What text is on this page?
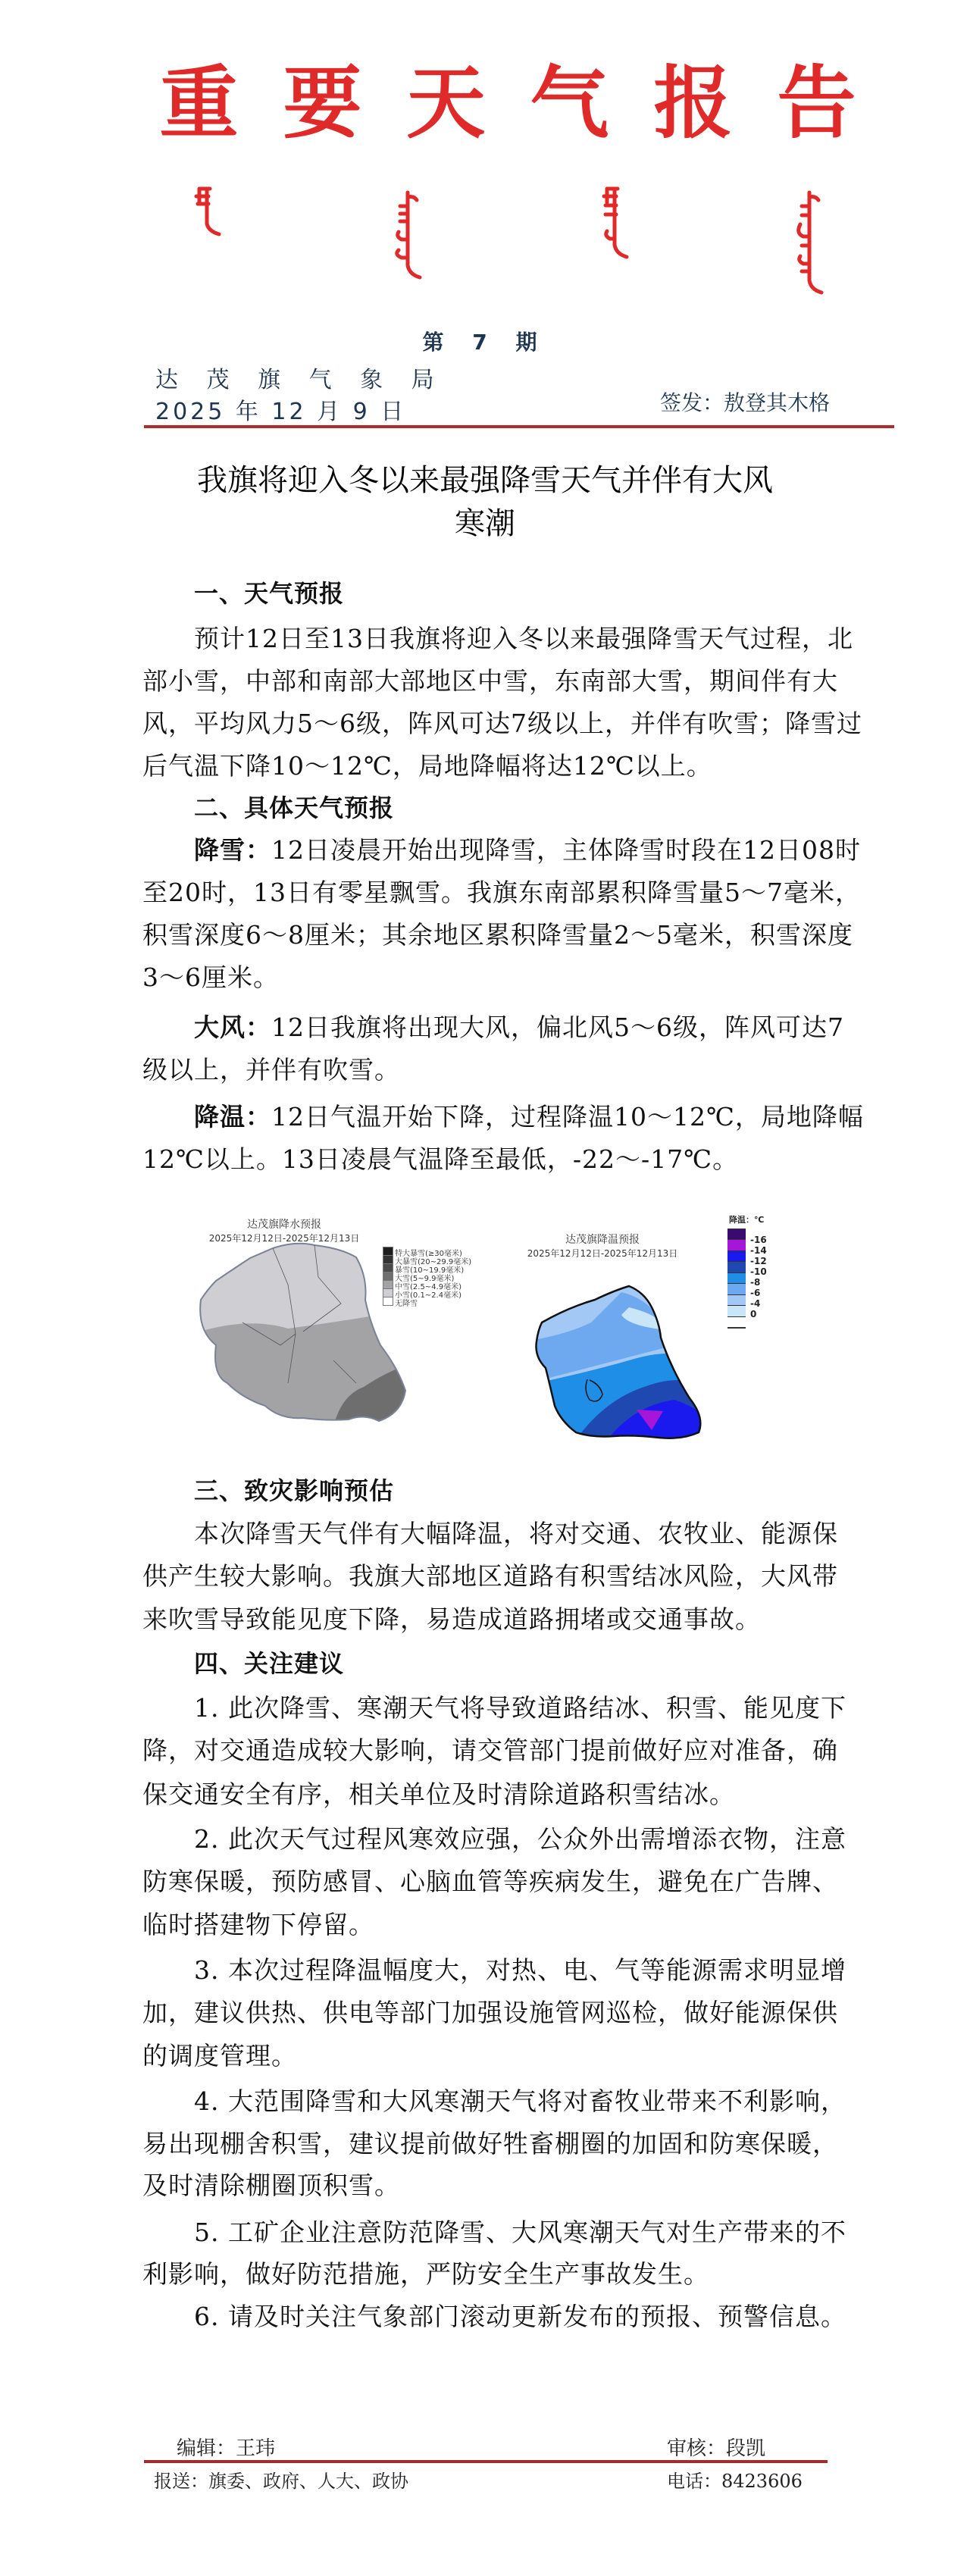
重 要 天 气 报 告
第 7 期
达 茂 旗 气 象 局
2025 年 12 月 9 日	签发：敖登其木格
我旗将迎入冬以来最强降雪天气并伴有大风
寒潮
一、天气预报
预计12日至13日我旗将迎入冬以来最强降雪天气过程，北
部小雪，中部和南部大部地区中雪，东南部大雪，期间伴有大
风，平均风力5～6级，阵风可达7级以上，并伴有吹雪；降雪过
后气温下降10～12℃，局地降幅将达12℃以上。
二、具体天气预报
降雪：12日凌晨开始出现降雪，主体降雪时段在12日08时
至20时，13日有零星飘雪。我旗东南部累积降雪量5～7毫米，
积雪深度6～8厘米；其余地区累积降雪量2～5毫米，积雪深度
3～6厘米。
大风：12日我旗将出现大风，偏北风5～6级，阵风可达7
级以上，并伴有吹雪。
降温：12日气温开始下降，过程降温10～12℃，局地降幅
12℃以上。13日凌晨气温降至最低，-22～-17℃。
达茂旗降水预报
2025年12月12日-2025年12月13日
特大暴雪(≥30毫米)
大暴雪(20~29.9毫米)
暴雪(10~19.9毫米)
大雪(5~9.9毫米)
中雪(2.5~4.9毫米)
小雪(0.1~2.4毫米)
无降雪
达茂旗降温预报
2025年12月12日-2025年12月13日
降温：℃
-16
-14
-12
-10
-8
-6
-4
0
三、致灾影响预估
本次降雪天气伴有大幅降温，将对交通、农牧业、能源保
供产生较大影响。我旗大部地区道路有积雪结冰风险，大风带
来吹雪导致能见度下降，易造成道路拥堵或交通事故。
四、关注建议
1. 此次降雪、寒潮天气将导致道路结冰、积雪、能见度下
降，对交通造成较大影响，请交管部门提前做好应对准备，确
保交通安全有序，相关单位及时清除道路积雪结冰。
2. 此次天气过程风寒效应强，公众外出需增添衣物，注意
防寒保暖，预防感冒、心脑血管等疾病发生，避免在广告牌、
临时搭建物下停留。
3. 本次过程降温幅度大，对热、电、气等能源需求明显增
加，建议供热、供电等部门加强设施管网巡检，做好能源保供
的调度管理。
4. 大范围降雪和大风寒潮天气将对畜牧业带来不利影响，
易出现棚舍积雪，建议提前做好牲畜棚圈的加固和防寒保暖，
及时清除棚圈顶积雪。
5. 工矿企业注意防范降雪、大风寒潮天气对生产带来的不
利影响，做好防范措施，严防安全生产事故发生。
6. 请及时关注气象部门滚动更新发布的预报、预警信息。
编辑：王玮	审核：段凯
报送：旗委、政府、人大、政协	电话：8423606
